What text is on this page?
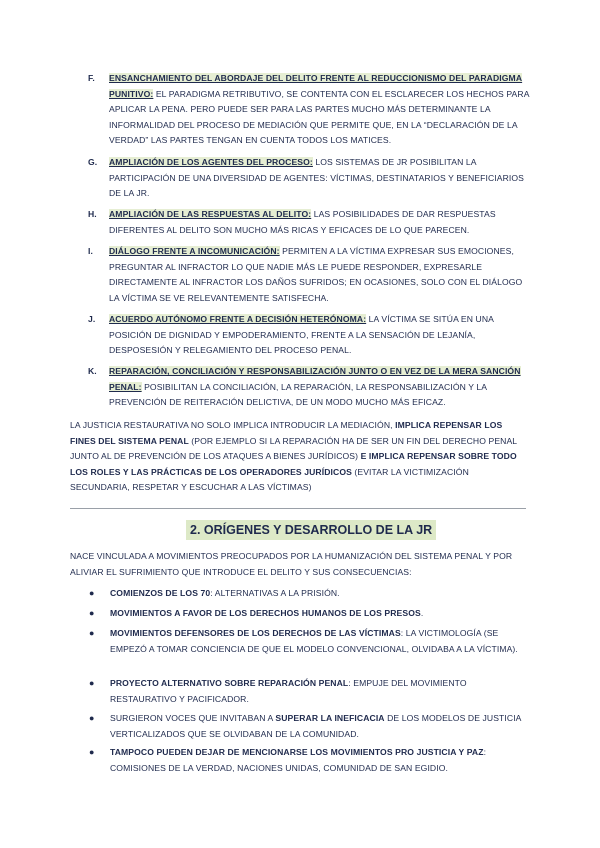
F. ENSANCHAMIENTO DEL ABORDAJE DEL DELITO FRENTE AL REDUCCIONISMO DEL PARADIGMA PUNITIVO: EL PARADIGMA RETRIBUTIVO, SE CONTENTA CON EL ESCLARECER LOS HECHOS PARA APLICAR LA PENA. PERO PUEDE SER PARA LAS PARTES MUCHO MÁS DETERMINANTE LA INFORMALIDAD DEL PROCESO DE MEDIACIÓN QUE PERMITE QUE, EN LA “DECLARACIÓN DE LA VERDAD” LAS PARTES TENGAN EN CUENTA TODOS LOS MATICES.
G. AMPLIACIÓN DE LOS AGENTES DEL PROCESO: LOS SISTEMAS DE JR POSIBILITAN LA PARTICIPACIÓN DE UNA DIVERSIDAD DE AGENTES: VÍCTIMAS, DESTINATARIOS Y BENEFICIARIOS DE LA JR.
H. AMPLIACIÓN DE LAS RESPUESTAS AL DELITO: LAS POSIBILIDADES DE DAR RESPUESTAS DIFERENTES AL DELITO SON MUCHO MÁS RICAS Y EFICACES DE LO QUE PARECEN.
I. DIÁLOGO FRENTE A INCOMUNICACIÓN: PERMITEN A LA VÍCTIMA EXPRESAR SUS EMOCIONES, PREGUNTAR AL INFRACTOR LO QUE NADIE MÁS LE PUEDE RESPONDER, EXPRESARLE DIRECTAMENTE AL INFRACTOR LOS DAÑOS SUFRIDOS; EN OCASIONES, SOLO CON EL DIÁLOGO LA VÍCTIMA SE VE RELEVANTEMENTE SATISFECHA.
J. ACUERDO AUTÓNOMO FRENTE A DECISIÓN HETERÓNOMA: LA VÍCTIMA SE SITÚA EN UNA POSICIÓN DE DIGNIDAD Y EMPODERAMIENTO, FRENTE A LA SENSACIÓN DE LEJANÍA, DESPOSESIÓN Y RELEGAMIENTO DEL PROCESO PENAL.
K. REPARACIÓN, CONCILIACIÓN Y RESPONSABILIZACIÓN JUNTO O EN VEZ DE LA MERA SANCIÓN PENAL: POSIBILITAN LA CONCILIACIÓN, LA REPARACIÓN, LA RESPONSABILIZACIÓN Y LA PREVENCIÓN DE REITERACIÓN DELICTIVA, DE UN MODO MUCHO MÁS EFICAZ.
LA JUSTICIA RESTAURATIVA NO SOLO IMPLICA INTRODUCIR LA MEDIACIÓN, IMPLICA REPENSAR LOS FINES DEL SISTEMA PENAL (POR EJEMPLO SI LA REPARACIÓN HA DE SER UN FIN DEL DERECHO PENAL JUNTO AL DE PREVENCIÓN DE LOS ATAQUES A BIENES JURÍDICOS) E IMPLICA REPENSAR SOBRE TODO LOS ROLES Y LAS PRÁCTICAS DE LOS OPERADORES JURÍDICOS (EVITAR LA VICTIMIZACIÓN SECUNDARIA, RESPETAR Y ESCUCHAR A LAS VÍCTIMAS)
2. ORÍGENES Y DESARROLLO DE LA JR
NACE VINCULADA A MOVIMIENTOS PREOCUPADOS POR LA HUMANIZACIÓN DEL SISTEMA PENAL Y POR ALIVIAR EL SUFRIMIENTO QUE INTRODUCE EL DELITO Y SUS CONSECUENCIAS:
● COMIENZOS DE LOS 70: ALTERNATIVAS A LA PRISIÓN.
● MOVIMIENTOS A FAVOR DE LOS DERECHOS HUMANOS DE LOS PRESOS.
● MOVIMIENTOS DEFENSORES DE LOS DERECHOS DE LAS VÍCTIMAS: LA VICTIMOLOGÍA (SE EMPEZÓ A TOMAR CONCIENCIA DE QUE EL MODELO CONVENCIONAL, OLVIDABA A LA VÍCTIMA).
● PROYECTO ALTERNATIVO SOBRE REPARACIÓN PENAL: EMPUJE DEL MOVIMIENTO RESTAURATIVO Y PACIFICADOR.
● SURGIERON VOCES QUE INVITABAN A SUPERAR LA INEFICACIA DE LOS MODELOS DE JUSTICIA VERTICALIZADOS QUE SE OLVIDABAN DE LA COMUNIDAD.
● TAMPOCO PUEDEN DEJAR DE MENCIONARSE LOS MOVIMIENTOS PRO JUSTICIA Y PAZ: COMISIONES DE LA VERDAD, NACIONES UNIDAS, COMUNIDAD DE SAN EGIDIO.
